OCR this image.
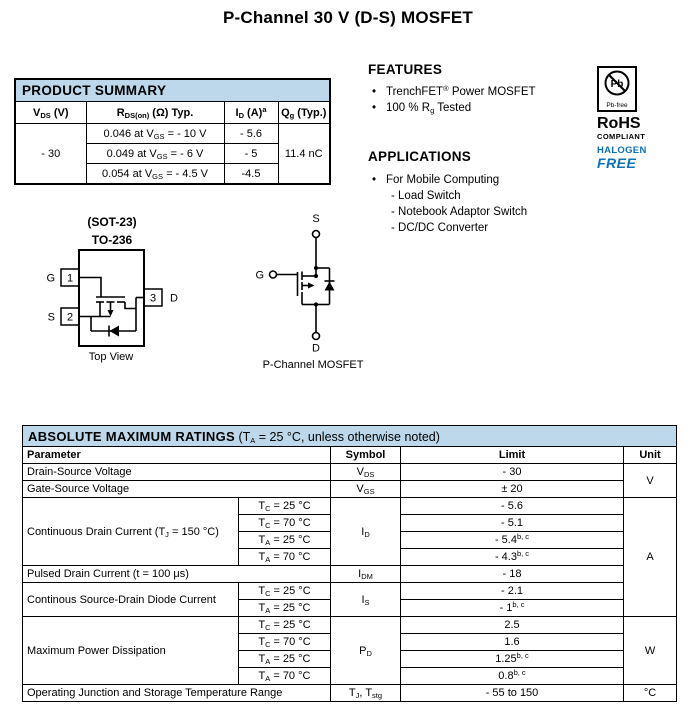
P-Channel 30 V (D-S) MOSFET
PRODUCT SUMMARY			
$V_{DS}$ (V)	$R_{DS(on)}$ (Ω) Typ.	$I_D$ $(A)^a$	$Q_g$ (Typ.)
- 30	0.046 at $V_{GS}$ = - 10 V	- 5.6	11.4 nC
	0.049 at $V_{GS}$ = - 6 V	- 5	
	0.054 at $V_{GS}$ = - 4.5 V	-4.5	
FEATURES
• TrenchFET® Power MOSFET
• 100 % $R_g$ Tested
APPLICATIONS
• For Mobile Computing
- Load Switch
- Notebook Adaptor Switch
- DC/DC Converter
Pb
Pb-free
RoHS
COMPLIANT
HALOGEN
FREE
(SOT-23)
TO-236
1
2
3
G
S
D
Top View
S
G
D
P-Channel MOSFET
ABSOLUTE MAXIMUM RATINGS ($T_A = 25$ °C, unless otherwise noted)				
Parameter		Symbol	Limit	Unit
Drain-Source Voltage		$V_{DS}$	- 30	V
Gate-Source Voltage		$V_{GS}$	± 20	
Continuous Drain Current ($T_J = 150$ °C)	$T_C = 25$ °C	$I_D$	- 5.6	A
	$T_C = 70$ °C		- 5.1	
	$T_A = 25$ °C		- 5.4$^{b, c}$
	$T_A = 70$ °C		- 4.3$^{b, c}$
Pulsed Drain Current (t = 100 μs)		$I_{DM}$	- 18	
Continous Source-Drain Diode Current	$T_C = 25$ °C	$I_S$	- 2.1	
	$T_A = 25$ °C		- 1$^{b, c}$
Maximum Power Dissipation	$T_C = 25$ °C	$P_D$	2.5	W
	$T_C = 70$ °C		1.6	
	$T_A = 25$ °C		1.25$^{b, c}$
	$T_A = 70$ °C		0.8$^{b, c}$
Operating Junction and Storage Temperature Range		$T_J$, $T_{stg}$	- 55 to 150	°C
